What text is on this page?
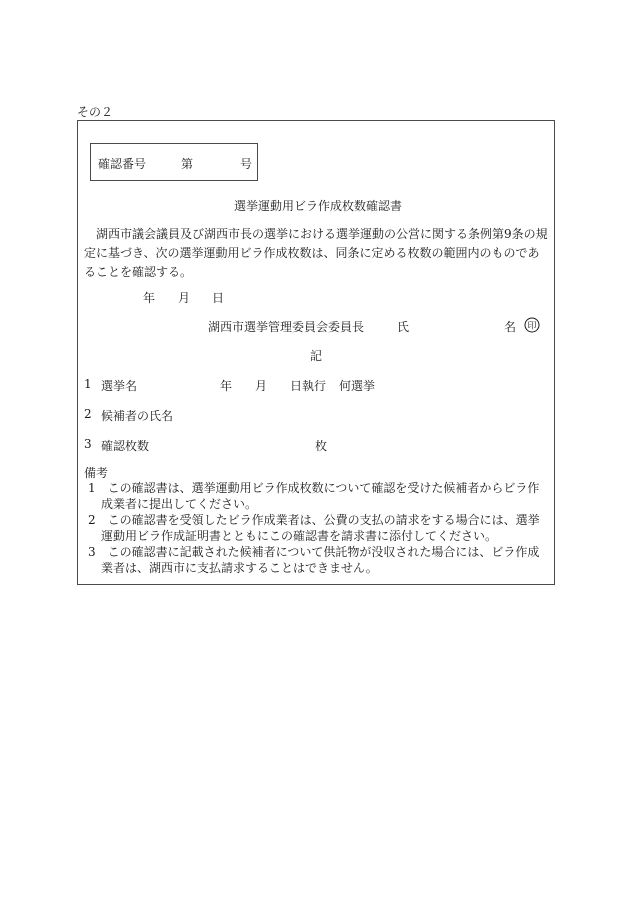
その２
確認番号	第	号
選挙運動用ビラ作成枚数確認書
湖西市議会議員及び湖西市長の選挙における選挙運動の公営に関する条例第9条の規定に基づき、次の選挙運動用ビラ作成枚数は、同条に定める枚数の範囲内のものであることを確認する。
年 月 日
湖西市選挙管理委員会委員長	氏	名 印
記
1 選挙名	年 月 日執行 何選挙
2 候補者の氏名
3 確認枚数	枚
備考
1　この確認書は、選挙運動用ビラ作成枚数について確認を受けた候補者からビラ作成業者に提出してください。
2　この確認書を受領したビラ作成業者は、公費の支払の請求をする場合には、選挙運動用ビラ作成証明書とともにこの確認書を請求書に添付してください。
3　この確認書に記載された候補者について供託物が没収された場合には、ビラ作成業者は、湖西市に支払請求することはできません。
